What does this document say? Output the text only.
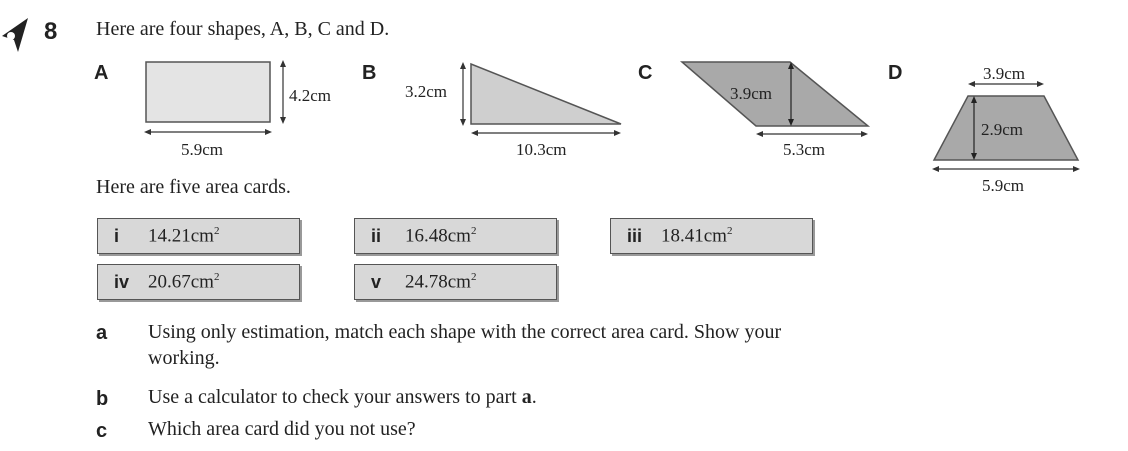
8 Here are four shapes, A, B, C and D.
A
4.2cm
5.9cm
B
3.2cm
10.3cm
C
3.9cm
5.3cm
D	3.9cm
2.9cm
5.9cm
Here are five area cards.
i	$14.21cm^2$	ii	$16.48cm^2$	iii $18.41cm^2$
iv $20.67cm^2$	v	$24.78cm^2$
a Using only estimation, match each shape with the correct area card. Show your working.
b Use a calculator to check your answers to part a.
c Which area card did you not use?
